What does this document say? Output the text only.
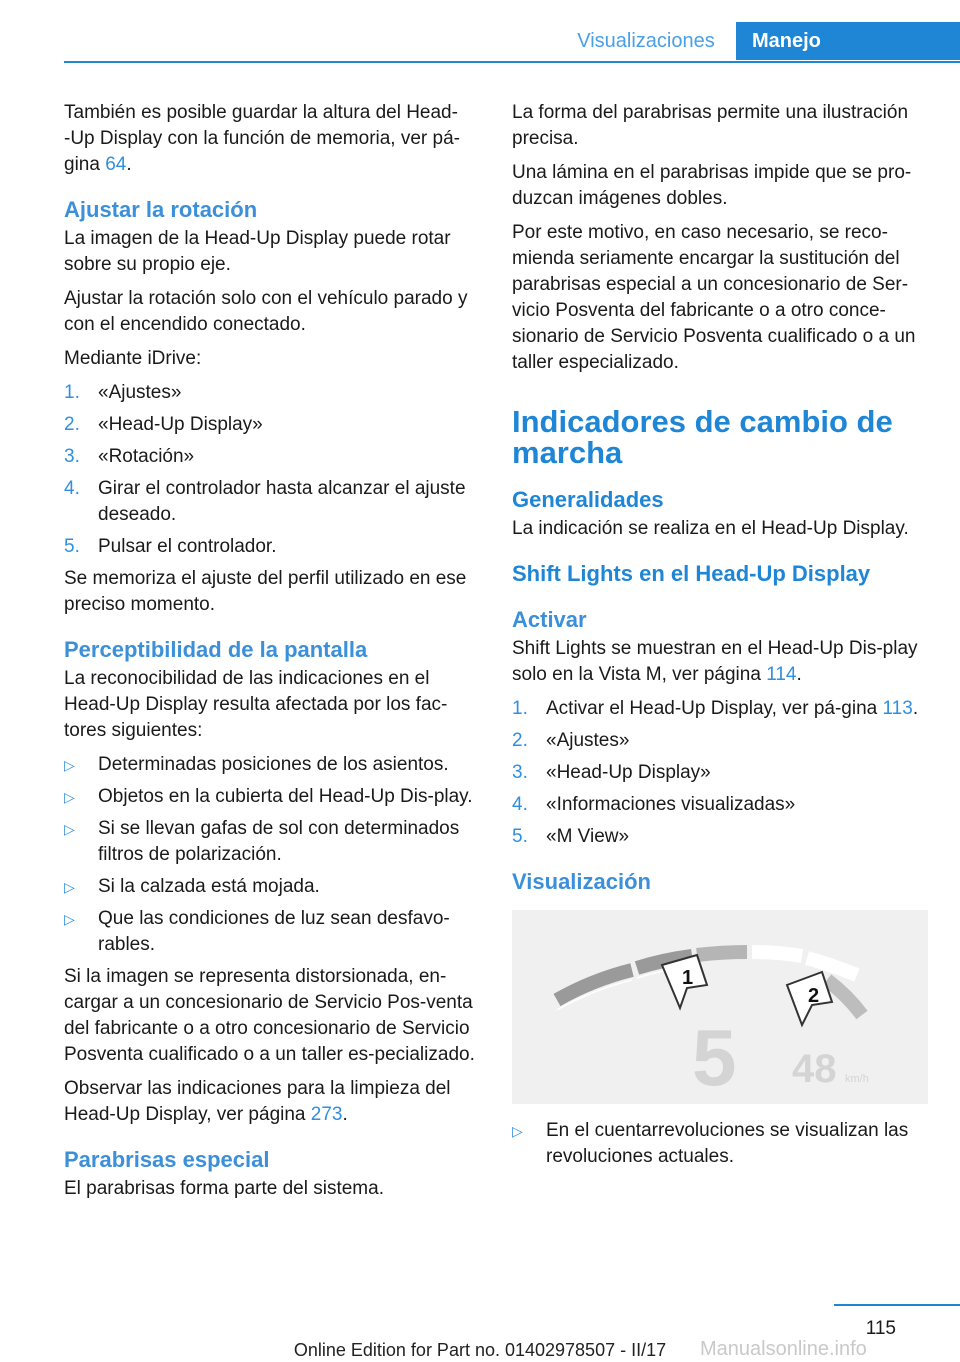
Visualizaciones	Manejo

También es posible guardar la altura del Head-
-Up Display con la función de memoria, ver pá-
gina 64.

Ajustar la rotación

La imagen de la Head-Up Display puede rotar sobre su propio eje.

Ajustar la rotación solo con el vehículo parado y con el encendido conectado.

Mediante iDrive:

1. «Ajustes»
2. «Head-Up Display»
3. «Rotación»
4. Girar el controlador hasta alcanzar el ajuste deseado.
5. Pulsar el controlador.

Se memoriza el ajuste del perfil utilizado en ese preciso momento.

Perceptibilidad de la pantalla

La reconocibilidad de las indicaciones en el Head-Up Display resulta afectada por los fac-tores siguientes:

▷	Determinadas posiciones de los asientos.
▷	Objetos en la cubierta del Head-Up Dis-play.
▷	Si se llevan gafas de sol con determinados filtros de polarización.
▷	Si la calzada está mojada.
▷	Que las condiciones de luz sean desfavo-rables.

Si la imagen se representa distorsionada, en-cargar a un concesionario de Servicio Pos-venta del fabricante o a otro concesionario de Servicio Posventa cualificado o a un taller es-pecializado.

Observar las indicaciones para la limpieza del Head-Up Display, ver página 273.

Parabrisas especial

El parabrisas forma parte del sistema.

La forma del parabrisas permite una ilustración precisa.

Una lámina en el parabrisas impide que se pro-duzcan imágenes dobles.

Por este motivo, en caso necesario, se reco-mienda seriamente encargar la sustitución del parabrisas especial a un concesionario de Ser-vicio Posventa del fabricante o a otro conce-sionario de Servicio Posventa cualificado o a un taller especializado.

Indicadores de cambio de marcha
Generalidades

La indicación se realiza en el Head-Up Display.

Shift Lights en el Head-Up Display
Activar

Shift Lights se muestran en el Head-Up Dis-play solo en la Vista M, ver página 114.

1. Activar el Head-Up Display, ver pá-gina 113.
2. «Ajustes»
3. «Head-Up Display»
4. «Informaciones visualizadas»
5. «M View»
Visualización
1
2
5 48 km/h
▷	En el cuentarrevoluciones se visualizan las revoluciones actuales.
115
Online Edition for Part no. 01402978507 - II/17	Manualsonline.info
